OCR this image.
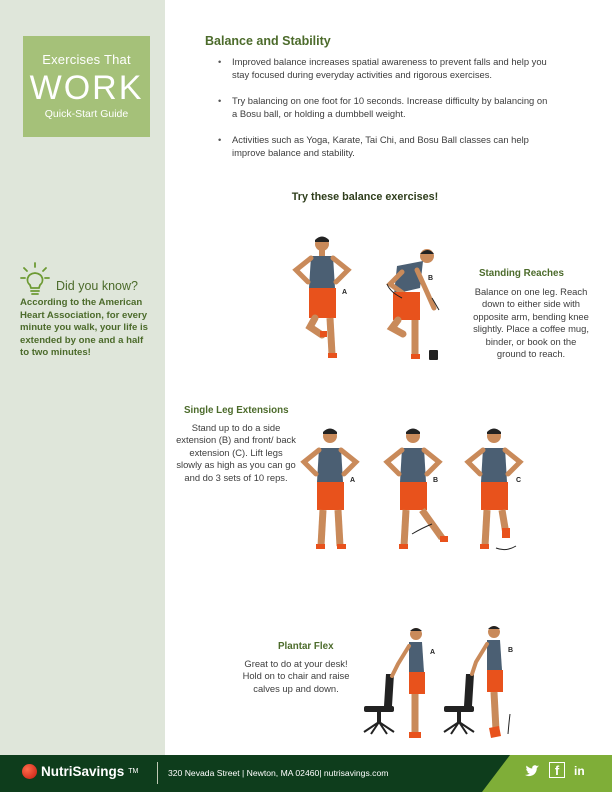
Exercises That
WORK
Quick-Start Guide
Did you know?

According to the American Heart Association, for every minute you walk, your life is extended by one and a half to two minutes!

Balance and Stability
• Improved balance increases spatial awareness to prevent falls and help you stay focused during everyday activities and rigorous exercises.
• Try balancing on one foot for 10 seconds. Increase difficulty by balancing on a Bosu ball, or holding a dumbbell weight.
• Activities such as Yoga, Karate, Tai Chi, and Bosu Ball classes can help improve balance and stability.
Try these balance exercises!
Standing Reaches
Balance on one leg. Reach down to either side with opposite arm, bending knee slightly. Place a coffee mug, binder, or book on the ground to reach.
A
B
Single Leg Extensions
Stand up to do a side extension (B) and front/ back extension (C). Lift legs slowly as high as you can go and do 3 sets of 10 reps.	A	B	C
Plantar Flex
Great to do at your desk! Hold on to chair and raise calves up and down.
A	B
NutriSavings TM	320 Nevada Street | Newton, MA 02460| nutrisavings.com	f	in
